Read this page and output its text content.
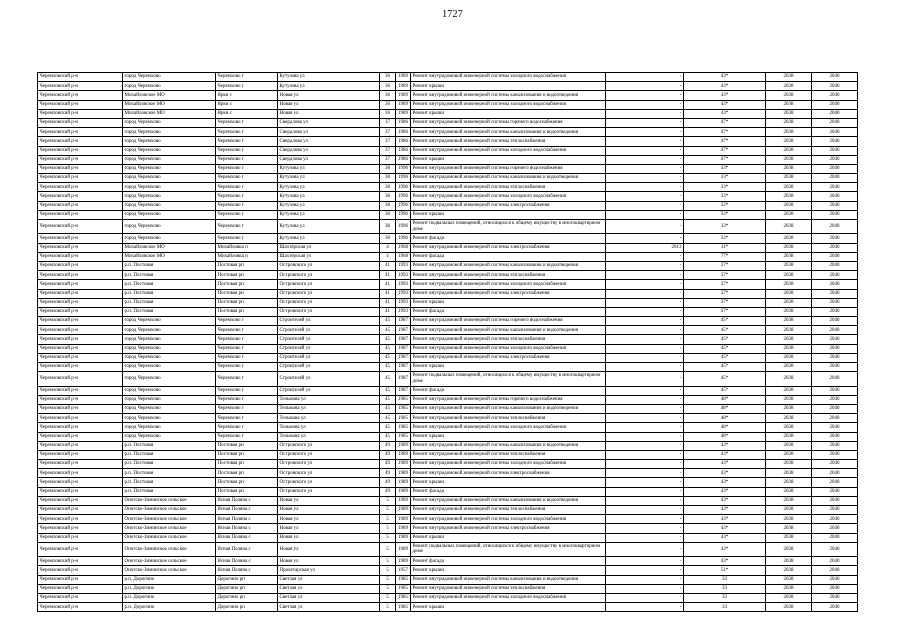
1727
Черемховский р-н	город Черемхово	Черемхово г	Кутузова ул	36	1989	Ремонт внутридомовой инженерной системы холодного водоснабжения	-	43*	2038	2040
Черемховский р-н	город Черемхово	Черемхово г	Кутузова ул	36	1989	Ремонт крыши	-	43*	2038	2040
Черемховский р-н	Михайловское МО	Ярки с	Новая ул	36	1989	Ремонт внутридомовой инженерной системы канализования и водоотведения	-	43*	2038	2040
Черемховский р-н	Михайловское МО	Ярки с	Новая ул	36	1989	Ремонт внутридомовой инженерной системы холодного водоснабжения	-	43*	2038	2040
Черемховский р-н	Михайловское МО	Ярки с	Новая ул	36	1989	Ремонт крыши	-	43*	2038	2040
Черемховский р-н	город Черемхово	Черемхово г	Свердлова ул	37	1986	Ремонт внутридомовой инженерной системы горячего водоснабжения	-	47*	2038	2040
Черемховский р-н	город Черемхово	Черемхово г	Свердлова ул	37	1986	Ремонт внутридомовой инженерной системы канализования и водоотведения	-	47*	2038	2040
Черемховский р-н	город Черемхово	Черемхово г	Свердлова ул	37	1986	Ремонт внутридомовой инженерной системы теплоснабжения	-	47*	2038	2040
Черемховский р-н	город Черемхово	Черемхово г	Свердлова ул	37	1986	Ремонт внутридомовой инженерной системы холодного водоснабжения	-	47*	2038	2040
Черемховский р-н	город Черемхово	Черемхово г	Свердлова ул	37	1986	Ремонт крыши	-	47*	2038	2040
Черемховский р-н	город Черемхово	Черемхово г	Кутузова ул	38	1996	Ремонт внутридомовой инженерной системы горячего водоснабжения	-	33*	2038	2040
Черемховский р-н	город Черемхово	Черемхово г	Кутузова ул	38	1996	Ремонт внутридомовой инженерной системы канализования и водоотведения	-	33*	2038	2040
Черемховский р-н	город Черемхово	Черемхово г	Кутузова ул	38	1996	Ремонт внутридомовой инженерной системы теплоснабжения	-	33*	2038	2040
Черемховский р-н	город Черемхово	Черемхово г	Кутузова ул	38	1996	Ремонт внутридомовой инженерной системы холодного водоснабжения	-	33*	2038	2040
Черемховский р-н	город Черемхово	Черемхово г	Кутузова ул	38	1996	Ремонт внутридомовой инженерной системы электроснабжения	-	33*	2038	2040
Черемховский р-н	город Черемхово	Черемхово г	Кутузова ул	38	1996	Ремонт крыши	-	33*	2038	2040
Черемховский р-н	город Черемхово	Черемхово г	Кутузова ул	38	1996	Ремонт подвальных помещений, относящихся к общему имуществу в многоквартирном доме	-	33*	2038	2040
Черемховский р-н	город Черемхово	Черемхово г	Кутузова ул	38	1996	Ремонт фасада	-	33*	2038	2040
Черемховский р-н	Михайловское МО	Михайловка п	Шахтёрская ул	4	1968	Ремонт внутридомовой инженерной системы электроснабжения	2013	11*	2038	2040
Черемховский р-н	Михайловское МО	Михайловка п	Шахтёрская ул	4	1968	Ремонт фасада	-	77*	2038	2040
Черемховский р-н	р.п. Постовая	Постовая рп	Островского ул	41	1993	Ремонт внутридомовой инженерной системы канализования и водоотведения	-	37*	2038	2040
Черемховский р-н	р.п. Постовая	Постовая рп	Островского ул	41	1993	Ремонт внутридомовой инженерной системы теплоснабжения	-	37*	2038	2040
Черемховский р-н	р.п. Постовая	Постовая рп	Островского ул	41	1993	Ремонт внутридомовой инженерной системы холодного водоснабжения	-	37*	2038	2040
Черемховский р-н	р.п. Постовая	Постовая рп	Островского ул	41	1993	Ремонт внутридомовой инженерной системы электроснабжения	-	37*	2038	2040
Черемховский р-н	р.п. Постовая	Постовая рп	Островского ул	41	1993	Ремонт крыши	-	37*	2038	2040
Черемховский р-н	р.п. Постовая	Постовая рп	Островского ул	41	1993	Ремонт фасада	-	37*	2038	2040
Черемховский р-н	город Черемхово	Черемхово г	Строителей ул	45	1987	Ремонт внутридомовой инженерной системы горячего водоснабжения	-	45*	2038	2040
Черемховский р-н	город Черемхово	Черемхово г	Строителей ул	45	1987	Ремонт внутридомовой инженерной системы канализования и водоотведения	-	45*	2038	2040
Черемховский р-н	город Черемхово	Черемхово г	Строителей ул	45	1987	Ремонт внутридомовой инженерной системы теплоснабжения	-	45*	2038	2040
Черемховский р-н	город Черемхово	Черемхово г	Строителей ул	45	1987	Ремонт внутридомовой инженерной системы холодного водоснабжения	-	45*	2038	2040
Черемховский р-н	город Черемхово	Черемхово г	Строителей ул	45	1987	Ремонт внутридомовой инженерной системы электроснабжения	-	45*	2038	2040
Черемховский р-н	город Черемхово	Черемхово г	Строителей ул	45	1987	Ремонт крыши	-	45*	2038	2040
Черемховский р-н	город Черемхово	Черемхово г	Строителей ул	45	1987	Ремонт подвальных помещений, относящихся к общему имуществу в многоквартирном доме	-	45*	2038	2040
Черемховский р-н	город Черемхово	Черемхово г	Строителей ул	45	1987	Ремонт фасада	-	45*	2038	2040
Черемховский р-н	город Черемхово	Черемхово г	Тельмана ул	45	1985	Ремонт внутридомовой инженерной системы горячего водоснабжения	-	48*	2038	2040
Черемховский р-н	город Черемхово	Черемхово г	Тельмана ул	45	1985	Ремонт внутридомовой инженерной системы канализования и водоотведения	-	48*	2038	2040
Черемховский р-н	город Черемхово	Черемхово г	Тельмана ул	45	1985	Ремонт внутридомовой инженерной системы теплоснабжения	-	48*	2038	2040
Черемховский р-н	город Черемхово	Черемхово г	Тельмана ул	45	1985	Ремонт внутридомовой инженерной системы холодного водоснабжения	-	48*	2038	2040
Черемховский р-н	город Черемхово	Черемхово г	Тельмана ул	45	1985	Ремонт крыши	-	48*	2038	2040
Черемховский р-н	р.п. Постовая	Постовая рп	Островского ул	49	1989	Ремонт внутридомовой инженерной системы канализования и водоотведения	-	43*	2038	2040
Черемховский р-н	р.п. Постовая	Постовая рп	Островского ул	49	1989	Ремонт внутридомовой инженерной системы теплоснабжения	-	43*	2038	2040
Черемховский р-н	р.п. Постовая	Постовая рп	Островского ул	49	1989	Ремонт внутридомовой инженерной системы холодного водоснабжения	-	43*	2038	2040
Черемховский р-н	р.п. Постовая	Постовая рп	Островского ул	49	1989	Ремонт внутридомовой инженерной системы электроснабжения	-	43*	2038	2040
Черемховский р-н	р.п. Постовая	Постовая рп	Островского ул	49	1989	Ремонт крыши	-	43*	2038	2040
Черемховский р-н	р.п. Постовая	Постовая рп	Островского ул	49	1989	Ремонт фасада	-	43*	2038	2040
Черемховский р-н	Онотско-Зиминское сельское	Ясная Поляна с	Новая ул	5	1989	Ремонт внутридомовой инженерной системы канализования и водоотведения	-	43*	2038	2040
Черемховский р-н	Онотско-Зиминское сельское	Ясная Поляна с	Новая ул	5	1989	Ремонт внутридомовой инженерной системы теплоснабжения	-	43*	2038	2040
Черемховский р-н	Онотско-Зиминское сельское	Ясная Поляна с	Новая ул	5	1989	Ремонт внутридомовой инженерной системы холодного водоснабжения	-	43*	2038	2040
Черемховский р-н	Онотско-Зиминское сельское	Ясная Поляна с	Новая ул	5	1989	Ремонт внутридомовой инженерной системы электроснабжения	-	43*	2038	2040
Черемховский р-н	Онотско-Зиминское сельское	Ясная Поляна с	Новая ул	5	1989	Ремонт крыши	-	43*	2038	2040
Черемховский р-н	Онотско-Зиминское сельское	Ясная Поляна с	Новая ул	5	1989	Ремонт подвальных помещений, относящихся к общему имуществу в многоквартирном доме	-	43*	2038	2040
Черемховский р-н	Онотско-Зиминское сельское	Ясная Поляна с	Новая ул	5	1989	Ремонт фасада	-	43*	2038	2040
Черемховский р-н	Онотско-Зиминское сельское	Ясная Поляна с	Пролетарская ул	5	1957	Ремонт крыши	-	51*	2038	2040
Черемховский р-н	р.п. Дорогино	Дорогино рп	Светлая ул	5	1985	Ремонт внутридомовой инженерной системы канализования и водоотведения	-	33	2038	2040
Черемховский р-н	р.п. Дорогино	Дорогино рп	Светлая ул	5	1985	Ремонт внутридомовой инженерной системы теплоснабжения	-	33	2038	2040
Черемховский р-н	р.п. Дорогино	Дорогино рп	Светлая ул	5	1985	Ремонт внутридомовой инженерной системы холодного водоснабжения	-	33	2038	2040
Черемховский р-н	р.п. Дорогино	Дорогино рп	Светлая ул	5	1985	Ремонт крыши	-	33	2038	2040
